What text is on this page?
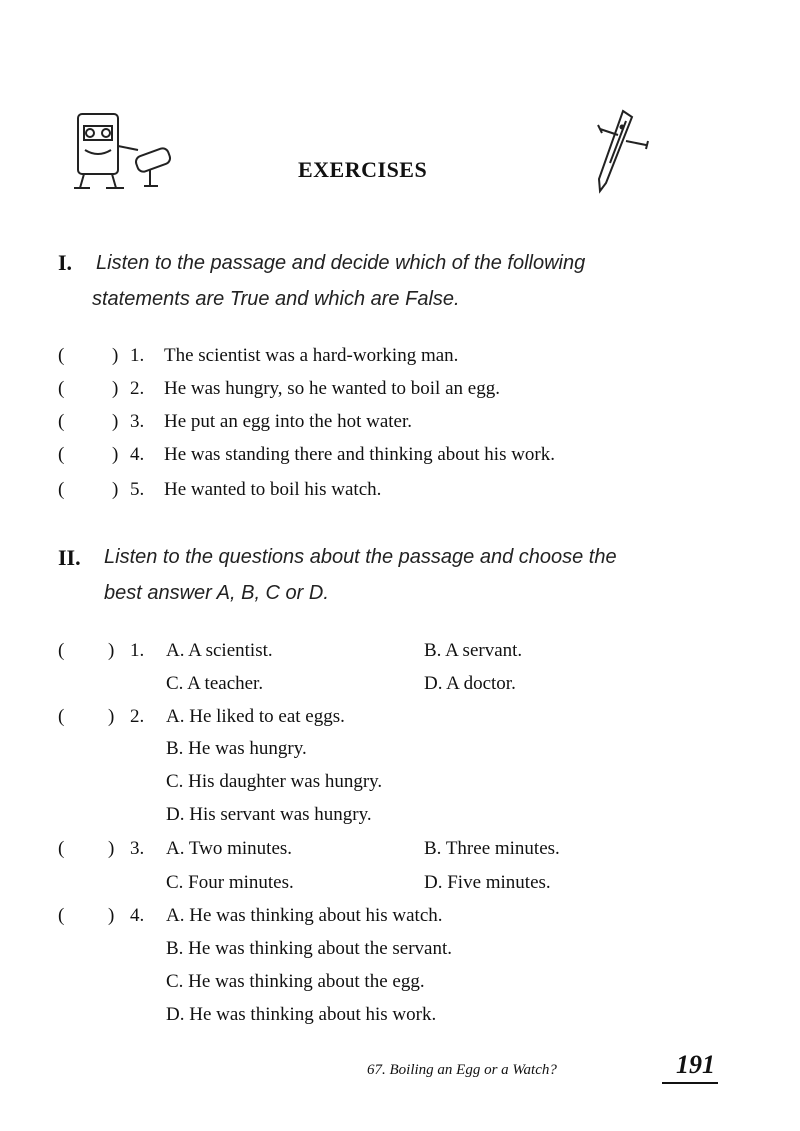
EXERCISES
I. Listen to the passage and decide which of the following
statements are True and which are False.
(	) 1. The scientist was a hard-working man.
(	) 2. He was hungry, so he wanted to boil an egg.
(	) 3. He put an egg into the hot water.
(	) 4. He was standing there and thinking about his work.
(	) 5. He wanted to boil his watch.
II. Listen to the questions about the passage and choose the
best answer A, B, C or D.
( ) 1. A. A scientist.	B. A servant.
C. A teacher.	D. A doctor.
( ) 2. A. He liked to eat eggs.
B. He was hungry.
C. His daughter was hungry.
D. His servant was hungry.
( ) 3. A. Two minutes.	B. Three minutes.
C. Four minutes.	D. Five minutes.
( ) 4. A. He was thinking about his watch.
B. He was thinking about the servant.
C. He was thinking about the egg.
D. He was thinking about his work.
67. Boiling an Egg or a Watch?	191
